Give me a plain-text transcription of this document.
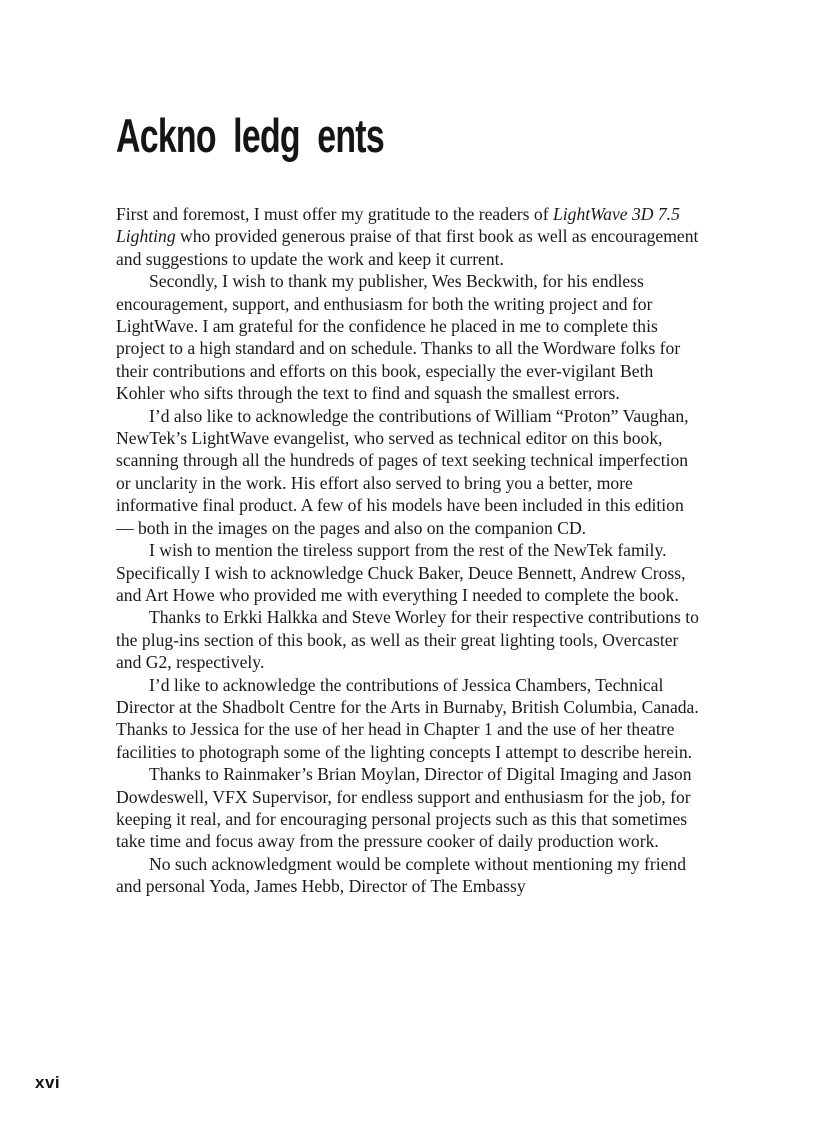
Ackno  ledg  ents

First and foremost, I must offer my gratitude to the readers of LightWave 3D 7.5 Lighting who provided generous praise of that first book as well as encouragement and suggestions to update the work and keep it current.

Secondly, I wish to thank my publisher, Wes Beckwith, for his endless encouragement, support, and enthusiasm for both the writing project and for LightWave. I am grateful for the confidence he placed in me to complete this project to a high standard and on schedule. Thanks to all the Wordware folks for their contributions and efforts on this book, especially the ever-vigilant Beth Kohler who sifts through the text to find and squash the smallest errors.

I’d also like to acknowledge the contributions of William “Proton” Vaughan, NewTek’s LightWave evangelist, who served as technical editor on this book, scanning through all the hundreds of pages of text seeking technical imperfection or unclarity in the work. His effort also served to bring you a better, more informative final product. A few of his models have been included in this edition — both in the images on the pages and also on the companion CD.

I wish to mention the tireless support from the rest of the NewTek family. Specifically I wish to acknowledge Chuck Baker, Deuce Bennett, Andrew Cross, and Art Howe who provided me with everything I needed to complete the book.

Thanks to Erkki Halkka and Steve Worley for their respective contributions to the plug-ins section of this book, as well as their great lighting tools, Overcaster and G2, respectively.

I’d like to acknowledge the contributions of Jessica Chambers, Technical Director at the Shadbolt Centre for the Arts in Burnaby, British Columbia, Canada. Thanks to Jessica for the use of her head in Chapter 1 and the use of her theatre facilities to photograph some of the lighting concepts I attempt to describe herein.

Thanks to Rainmaker’s Brian Moylan, Director of Digital Imaging and Jason Dowdeswell, VFX Supervisor, for endless support and enthusiasm for the job, for keeping it real, and for encouraging personal projects such as this that sometimes take time and focus away from the pressure cooker of daily production work.

No such acknowledgment would be complete without mentioning my friend and personal Yoda, James Hebb, Director of The Embassy

xvi
